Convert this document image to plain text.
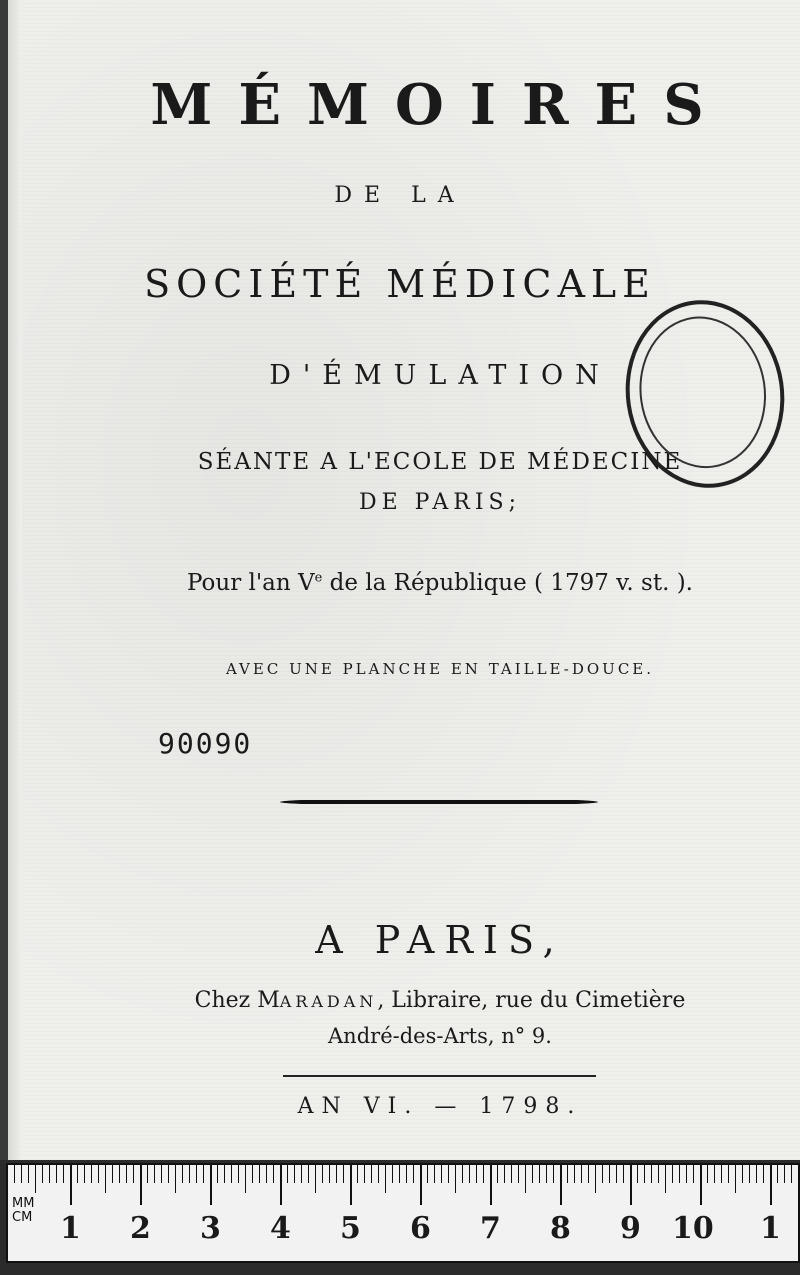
MÉMOIRES
DE LA
SOCIÉTÉ MÉDICALE
D'ÉMULATION
SÉANTE A L'ECOLE DE MÉDECINE
DE PARIS;
Pour l'an Ve de la République ( 1797 v. st. ).
AVEC UNE PLANCHE EN TAILLE-DOUCE.
90090
A PARIS,
Chez MARADAN, Libraire, rue du Cimetière
André-des-Arts, n° 9.
AN VI. — 1798.
MM
CM 1 2 3 4 5 6 7 8 9 10 1
